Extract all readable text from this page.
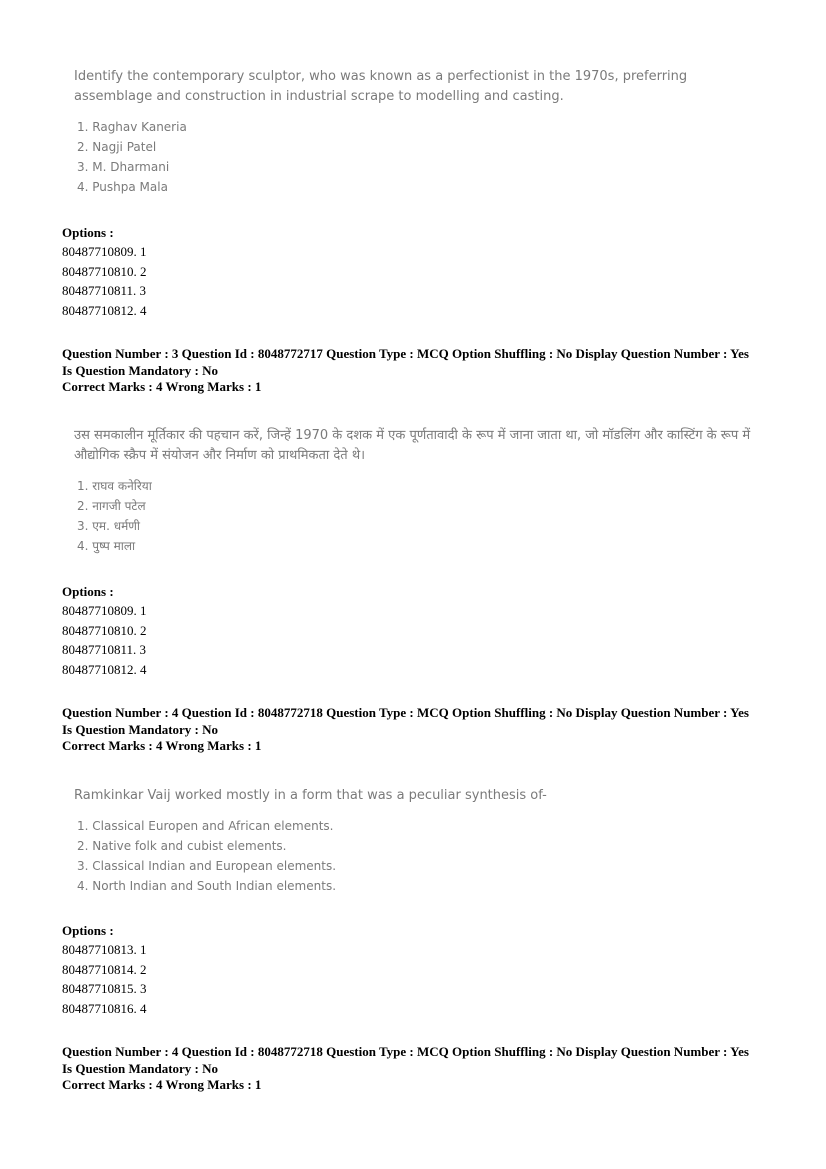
Identify the contemporary sculptor, who was known as a perfectionist in the 1970s, preferring assemblage and construction in industrial scrape to modelling and casting.

1. Raghav Kaneria
2. Nagji Patel
3. M. Dharmani
4. Pushpa Mala
Options :
80487710809. 1
80487710810. 2
80487710811. 3
80487710812. 4
Question Number : 3 Question Id : 8048772717 Question Type : MCQ Option Shuffling : No Display Question Number : Yes
Is Question Mandatory : No
Correct Marks : 4 Wrong Marks : 1

उस समकालीन मूर्तिकार की पहचान करें, जिन्हें 1970 के दशक में एक पूर्णतावादी के रूप में जाना जाता था, जो मॉडलिंग और कास्टिंग के रूप में औद्योगिक स्क्रैप में संयोजन और निर्माण को प्राथमिकता देते थे।

1. राघव कनेरिया
2. नागजी पटेल
3. एम. धर्मणी
4. पुष्प माला
Options :
80487710809. 1
80487710810. 2
80487710811. 3
80487710812. 4
Question Number : 4 Question Id : 8048772718 Question Type : MCQ Option Shuffling : No Display Question Number : Yes
Is Question Mandatory : No
Correct Marks : 4 Wrong Marks : 1

Ramkinkar Vaij worked mostly in a form that was a peculiar synthesis of-

1. Classical Europen and African elements.
2. Native folk and cubist elements.
3. Classical Indian and European elements.
4. North Indian and South Indian elements.
Options :
80487710813. 1
80487710814. 2
80487710815. 3
80487710816. 4
Question Number : 4 Question Id : 8048772718 Question Type : MCQ Option Shuffling : No Display Question Number : Yes
Is Question Mandatory : No
Correct Marks : 4 Wrong Marks : 1
